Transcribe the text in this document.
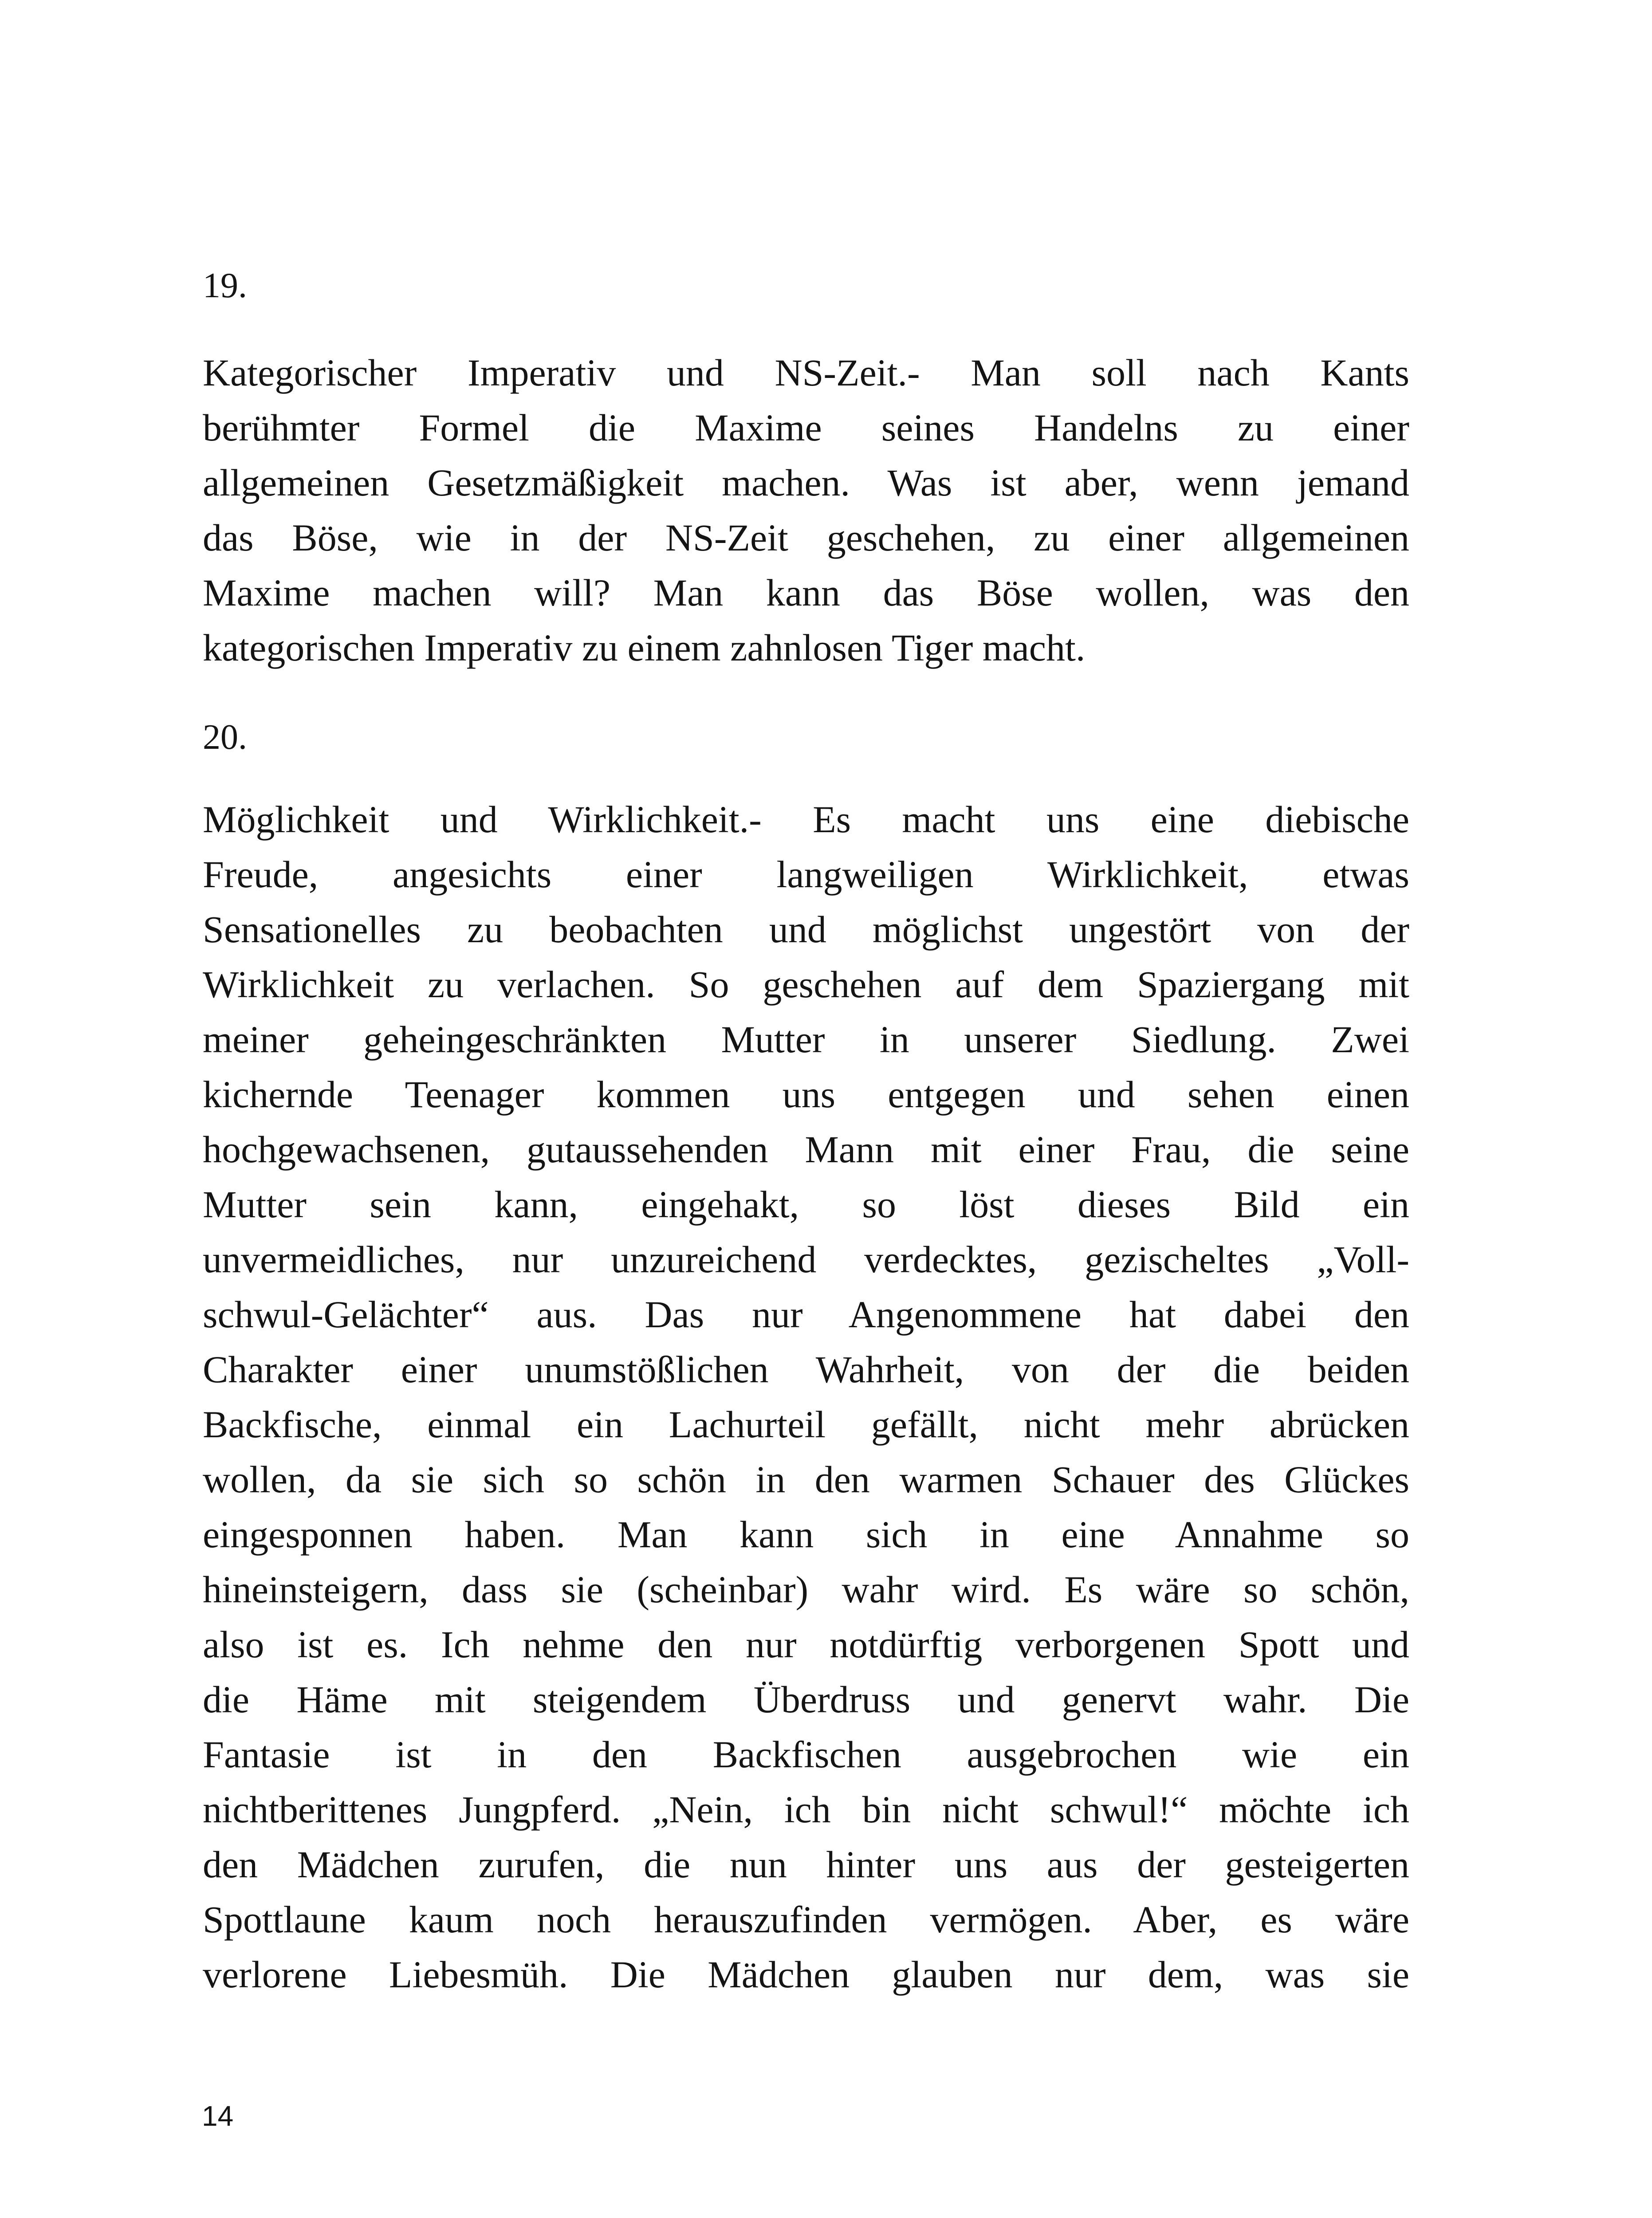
19.
Kategorischer Imperativ und NS-Zeit.- Man soll nach Kants
berühmter Formel die Maxime seines Handelns zu einer
allgemeinen Gesetzmäßigkeit machen. Was ist aber, wenn jemand
das Böse, wie in der NS-Zeit geschehen, zu einer allgemeinen
Maxime machen will? Man kann das Böse wollen, was den
kategorischen Imperativ zu einem zahnlosen Tiger macht.
20.
Möglichkeit und Wirklichkeit.- Es macht uns eine diebische
Freude, angesichts einer langweiligen Wirklichkeit, etwas
Sensationelles zu beobachten und möglichst ungestört von der
Wirklichkeit zu verlachen. So geschehen auf dem Spaziergang mit
meiner geheingeschränkten Mutter in unserer Siedlung. Zwei
kichernde Teenager kommen uns entgegen und sehen einen
hochgewachsenen, gutaussehenden Mann mit einer Frau, die seine
Mutter sein kann, eingehakt, so löst dieses Bild ein
unvermeidliches, nur unzureichend verdecktes, gezischeltes „Voll-
schwul-Gelächter“ aus. Das nur Angenommene hat dabei den
Charakter einer unumstößlichen Wahrheit, von der die beiden
Backfische, einmal ein Lachurteil gefällt, nicht mehr abrücken
wollen, da sie sich so schön in den warmen Schauer des Glückes
eingesponnen haben. Man kann sich in eine Annahme so
hineinsteigern, dass sie (scheinbar) wahr wird. Es wäre so schön,
also ist es. Ich nehme den nur notdürftig verborgenen Spott und
die Häme mit steigendem Überdruss und genervt wahr. Die
Fantasie ist in den Backfischen ausgebrochen wie ein
nichtberittenes Jungpferd. „Nein, ich bin nicht schwul!“ möchte ich
den Mädchen zurufen, die nun hinter uns aus der gesteigerten
Spottlaune kaum noch herauszufinden vermögen. Aber, es wäre
verlorene Liebesmüh. Die Mädchen glauben nur dem, was sie
14
